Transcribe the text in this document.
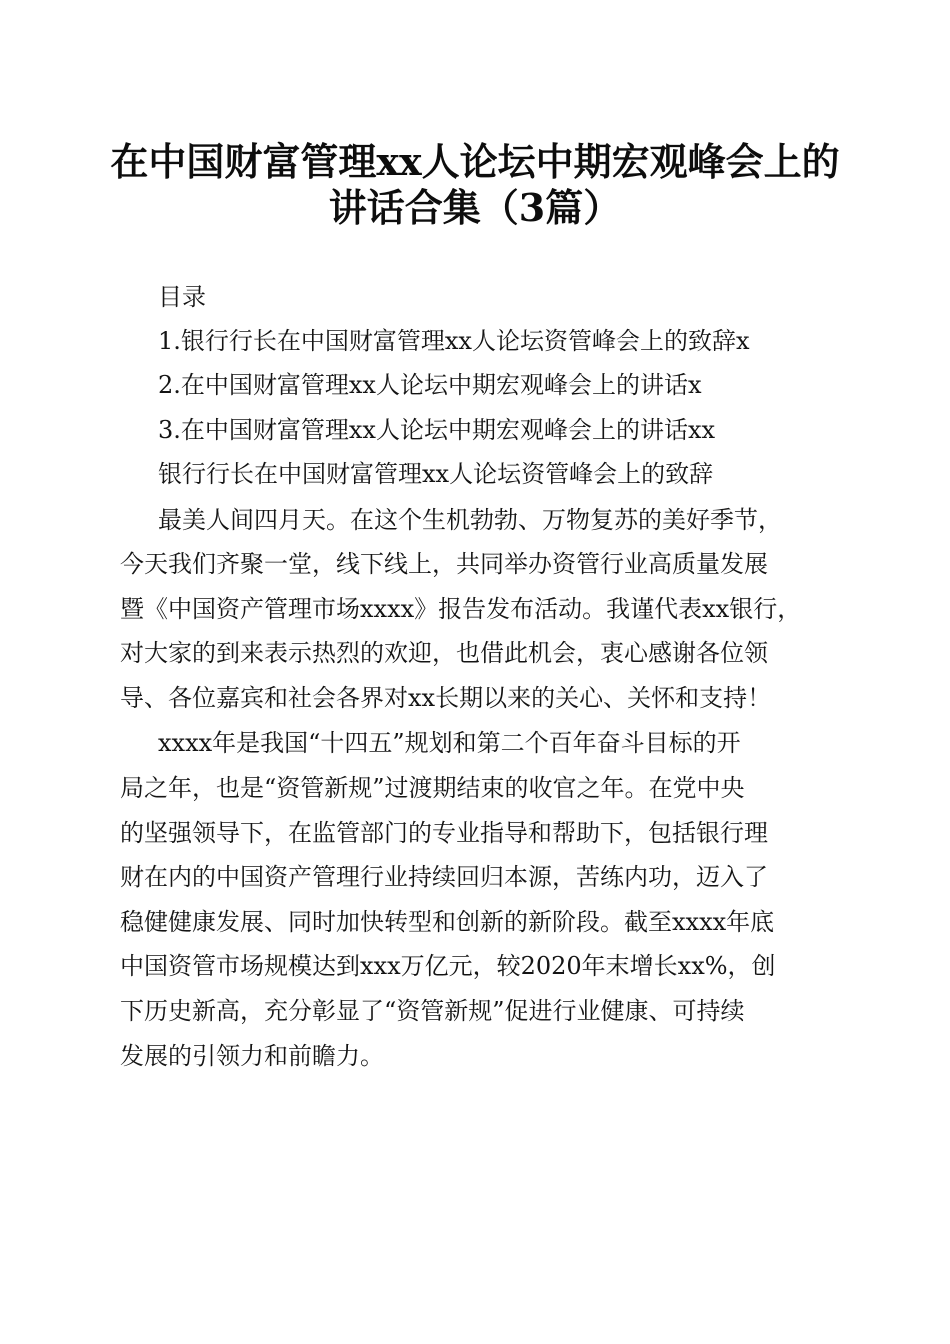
在中国财富管理xx人论坛中期宏观峰会上的
讲话合集（3篇）
目录
1.银行行长在中国财富管理xx人论坛资管峰会上的致辞x
2.在中国财富管理xx人论坛中期宏观峰会上的讲话x
3.在中国财富管理xx人论坛中期宏观峰会上的讲话xx
银行行长在中国财富管理xx人论坛资管峰会上的致辞
最美人间四月天。在这个生机勃勃、万物复苏的美好季节，
今天我们齐聚一堂，线下线上，共同举办资管行业高质量发展
暨《中国资产管理市场xxxx》报告发布活动。我谨代表xx银行，
对大家的到来表示热烈的欢迎，也借此机会，衷心感谢各位领
导、各位嘉宾和社会各界对xx长期以来的关心、关怀和支持！
xxxx年是我国“十四五”规划和第二个百年奋斗目标的开
局之年，也是“资管新规”过渡期结束的收官之年。在党中央
的坚强领导下，在监管部门的专业指导和帮助下，包括银行理
财在内的中国资产管理行业持续回归本源，苦练内功，迈入了
稳健健康发展、同时加快转型和创新的新阶段。截至xxxx年底
中国资管市场规模达到xxx万亿元，较2020年末增长xx%，创
下历史新高，充分彰显了“资管新规”促进行业健康、可持续
发展的引领力和前瞻力。
